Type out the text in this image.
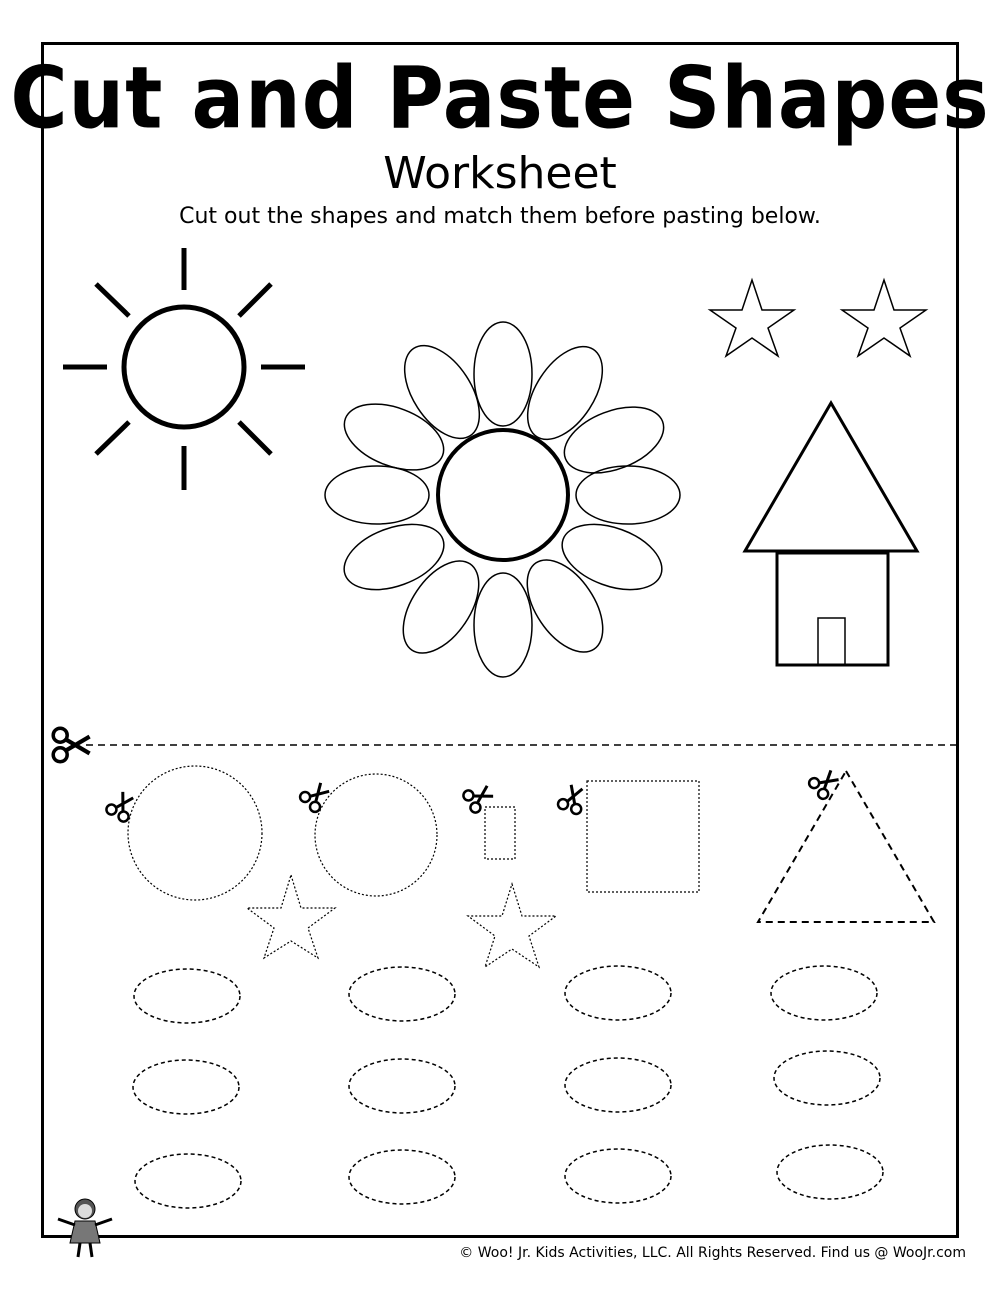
Cut and Paste Shapes
Worksheet
Cut out the shapes and match them before pasting below.
© Woo! Jr. Kids Activities, LLC. All Rights Reserved. Find us @ WooJr.com
